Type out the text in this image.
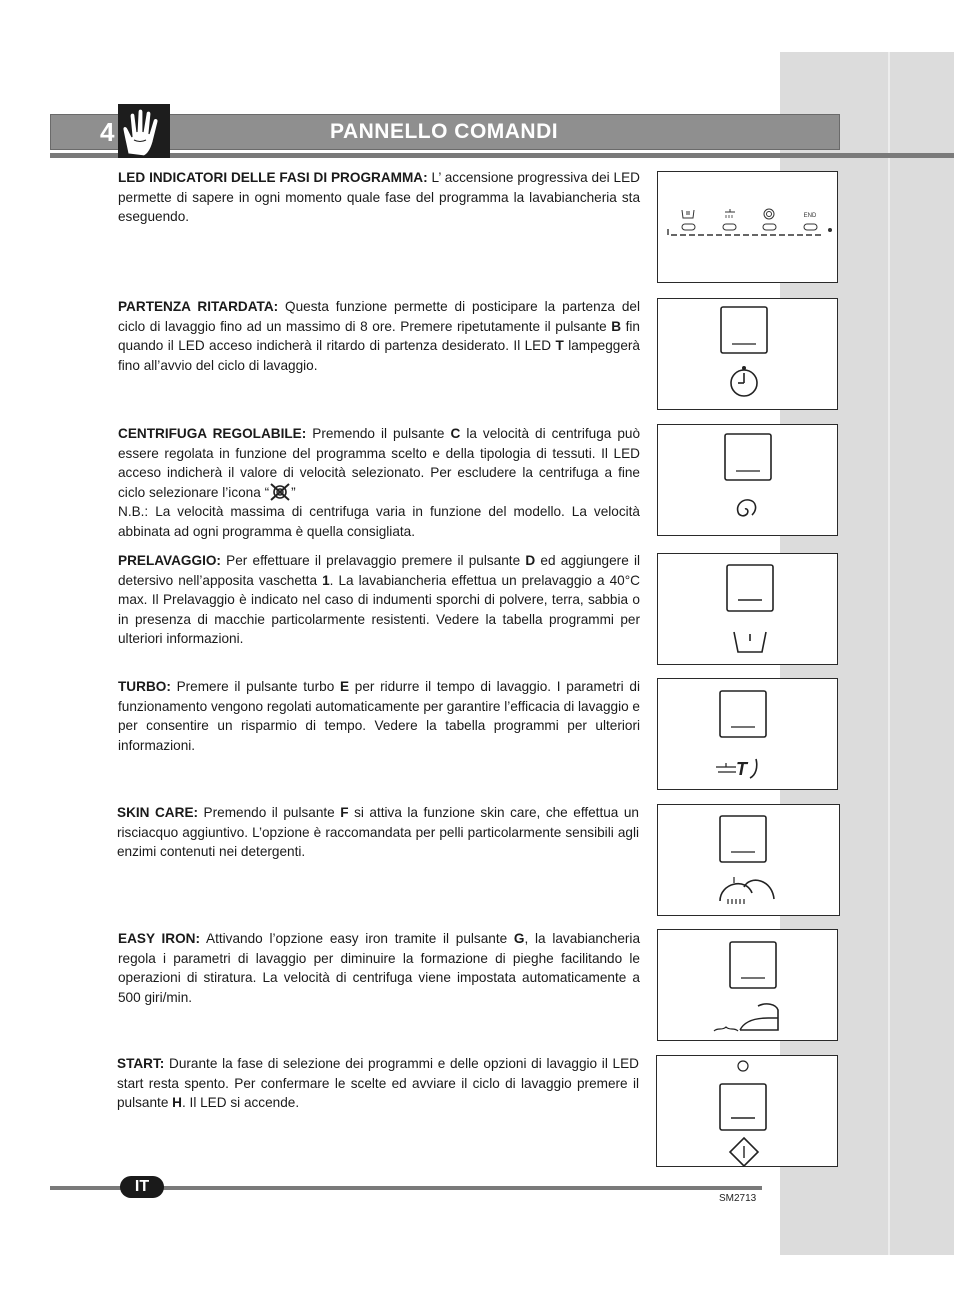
4	PANNELLO COMANDI

LED INDICATORI DELLE FASI DI PROGRAMMA: L’ accensione progressiva dei LED permette di sapere in ogni momento quale fase del programma la lavabiancheria sta eseguendo.	END

PARTENZA RITARDATA: Questa funzione permette di posticipare la partenza del ciclo di lavaggio fino ad un massimo di 8 ore. Premere ripetutamente il pulsante B fin quando il LED acceso indicherà il ritardo di partenza desiderato. Il LED T lampeggerà fino all’avvio del ciclo di lavaggio.

CENTRIFUGA REGOLABILE: Premendo il pulsante C la velocità di centrifuga può essere regolata in funzione del programma scelto e della tipologia di tessuti. Il LED acceso indicherà il valore di velocità selezionato. Per escludere la centrifuga a fine ciclo selezionare l’icona “ ”

N.B.: La velocità massima di centrifuga varia in funzione del modello. La velocità abbinata ad ogni programma è quella consigliata.

PRELAVAGGIO: Per effettuare il prelavaggio premere il pulsante D ed aggiungere il detersivo nell’apposita vaschetta 1. La lavabiancheria effettua un prelavaggio a 40°C max. Il Prelavaggio è indicato nel caso di indumenti sporchi di polvere, terra, sabbia o in presenza di macchie particolarmente resistenti. Vedere la tabella programmi per ulteriori informazioni.

TURBO: Premere il pulsante turbo E per ridurre il tempo di lavaggio. I parametri di funzionamento vengono regolati automaticamente per garantire l’efficacia di lavaggio e per consentire un risparmio di tempo. Vedere la tabella programmi per ulteriori informazioni.

T

SKIN CARE: Premendo il pulsante F si attiva la funzione skin care, che effettua un risciacquo aggiuntivo. L’opzione è raccomandata per pelli particolarmente sensibili agli enzimi contenuti nei detergenti.

EASY IRON: Attivando l’opzione easy iron tramite il pulsante G, la lavabiancheria regola i parametri di lavaggio per diminuire la formazione di pieghe facilitando le operazioni di stiratura. La velocità di centrifuga viene impostata automaticamente a 500 giri/min.

START: Durante la fase di selezione dei programmi e delle opzioni di lavaggio il LED start resta spento. Per confermare le scelte ed avviare il ciclo di lavaggio premere il pulsante H. Il LED si accende.

IT
SM2713
